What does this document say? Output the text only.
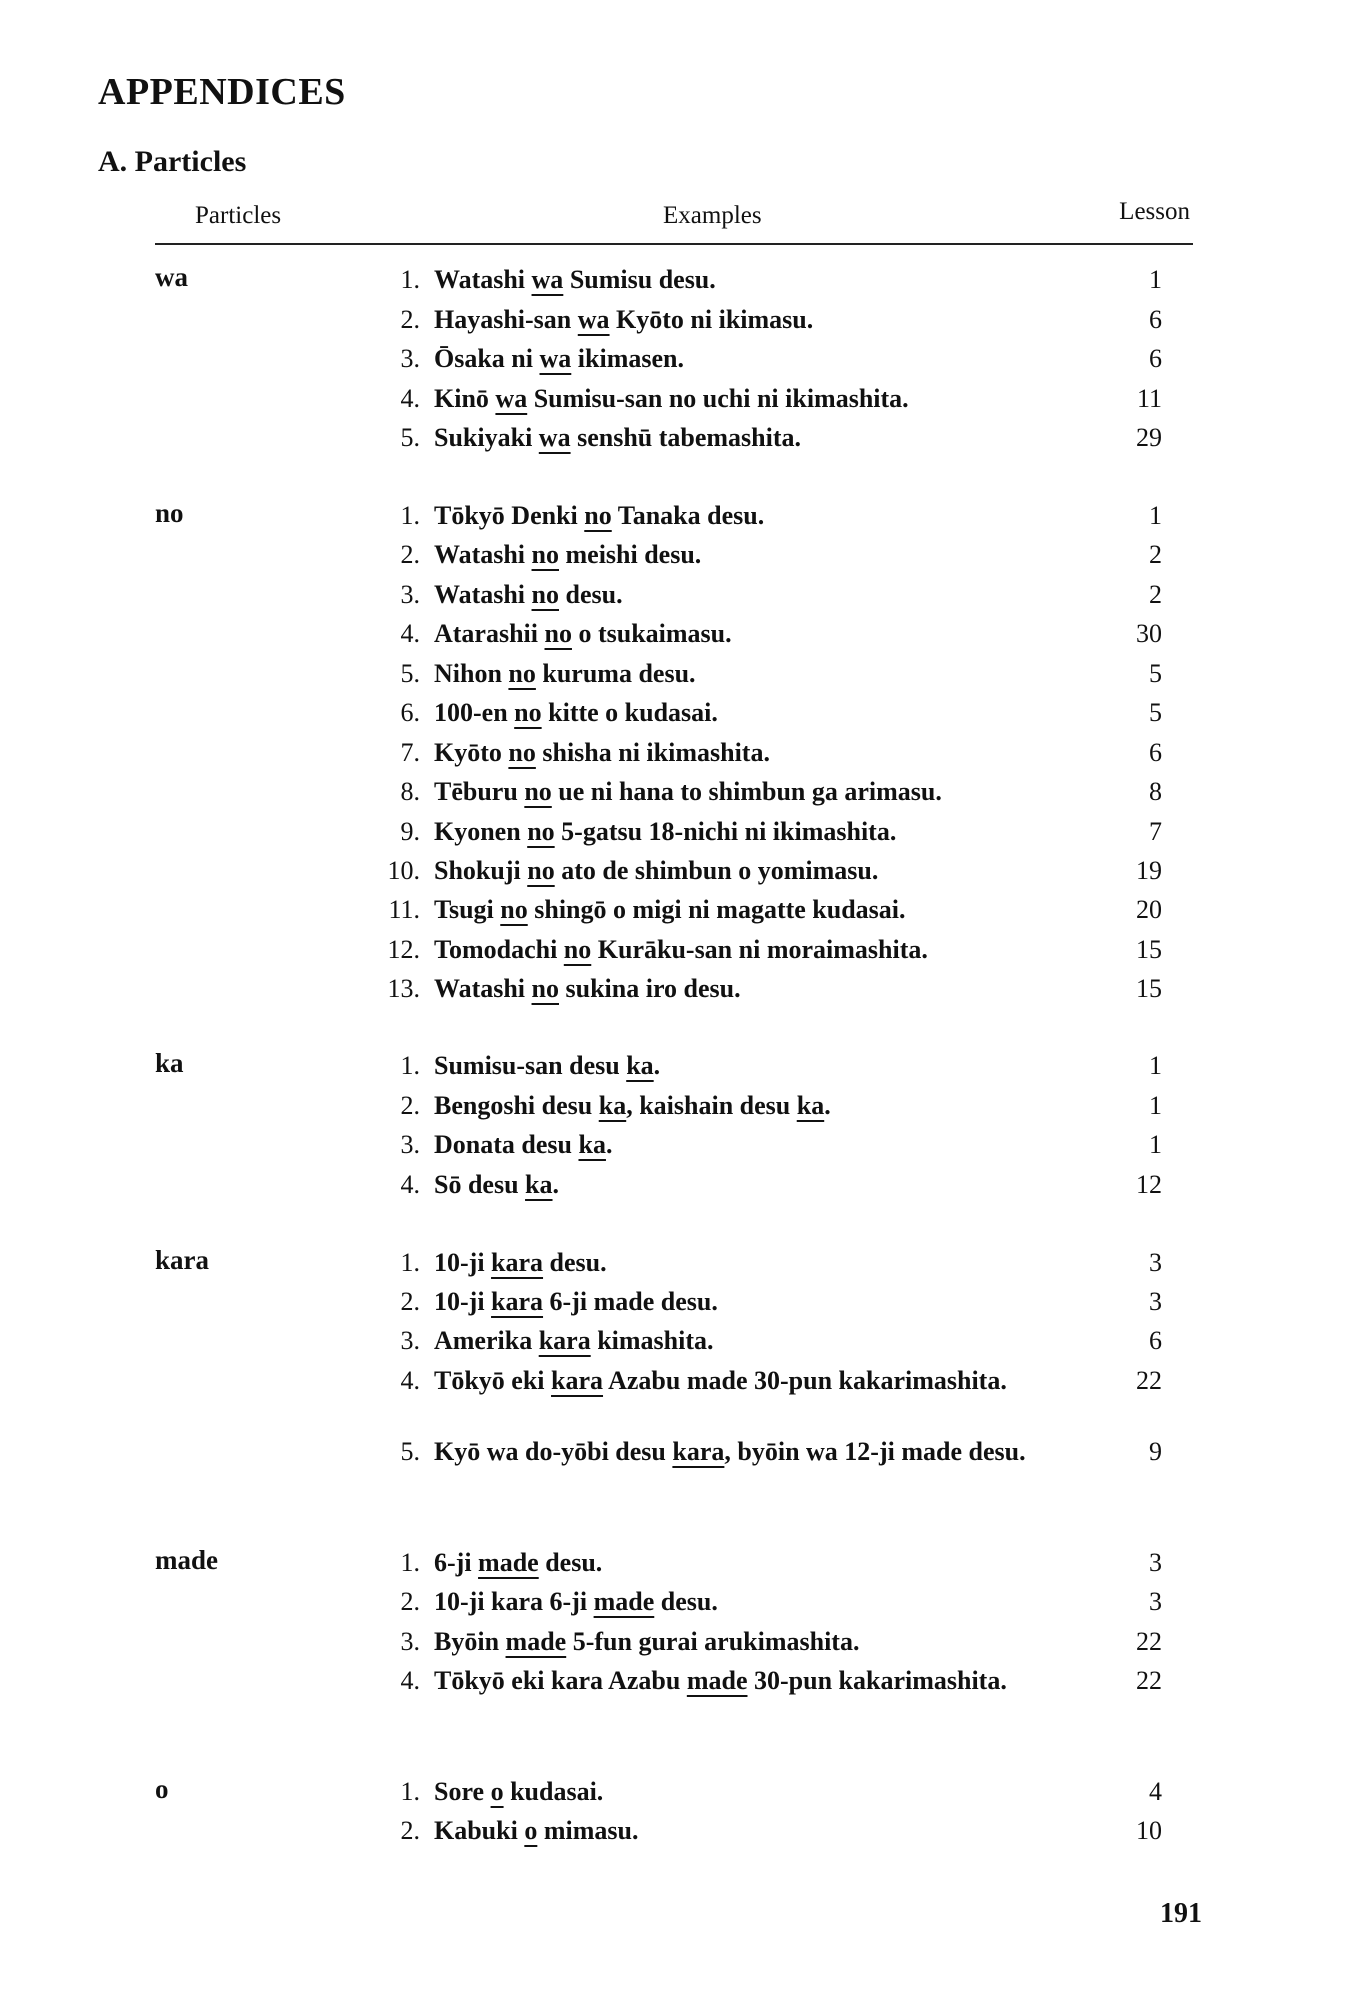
APPENDICES
A. Particles
Particles	Examples	Lesson
wa	1. Watashi wa Sumisu desu.	1
2. Hayashi-san wa Kyōto ni ikimasu.	6
3. Ōsaka ni wa ikimasen.	6
4. Kinō wa Sumisu-san no uchi ni ikimashita.	11
5. Sukiyaki wa senshū tabemashita.	29
no	1. Tōkyō Denki no Tanaka desu.	1
2. Watashi no meishi desu.	2
3. Watashi no desu.	2
4. Atarashii no o tsukaimasu.	30
5. Nihon no kuruma desu.	5
6. 100-en no kitte o kudasai.	5
7. Kyōto no shisha ni ikimashita.	6
8. Tēburu no ue ni hana to shimbun ga arimasu.	8
9. Kyonen no 5-gatsu 18-nichi ni ikimashita.	7
10. Shokuji no ato de shimbun o yomimasu.	19
11. Tsugi no shingō o migi ni magatte kudasai.	20
12. Tomodachi no Kurāku-san ni moraimashita.	15
13. Watashi no sukina iro desu.	15
ka	1. Sumisu-san desu ka.	1
2. Bengoshi desu ka, kaishain desu ka.	1
3. Donata desu ka.	1
4. Sō desu ka.	12
kara	1. 10-ji kara desu.	3
2. 10-ji kara 6-ji made desu.	3
3. Amerika kara kimashita.	6
4. Tōkyō eki kara Azabu made 30-pun kakarimashita.	22
5. Kyō wa do-yōbi desu kara, byōin wa 12-ji made desu.	9
made	1. 6-ji made desu.	3
2. 10-ji kara 6-ji made desu.	3
3. Byōin made 5-fun gurai arukimashita.	22
4. Tōkyō eki kara Azabu made 30-pun kakarimashita.	22
o	1. Sore o kudasai.	4
2. Kabuki o mimasu.	10
191
